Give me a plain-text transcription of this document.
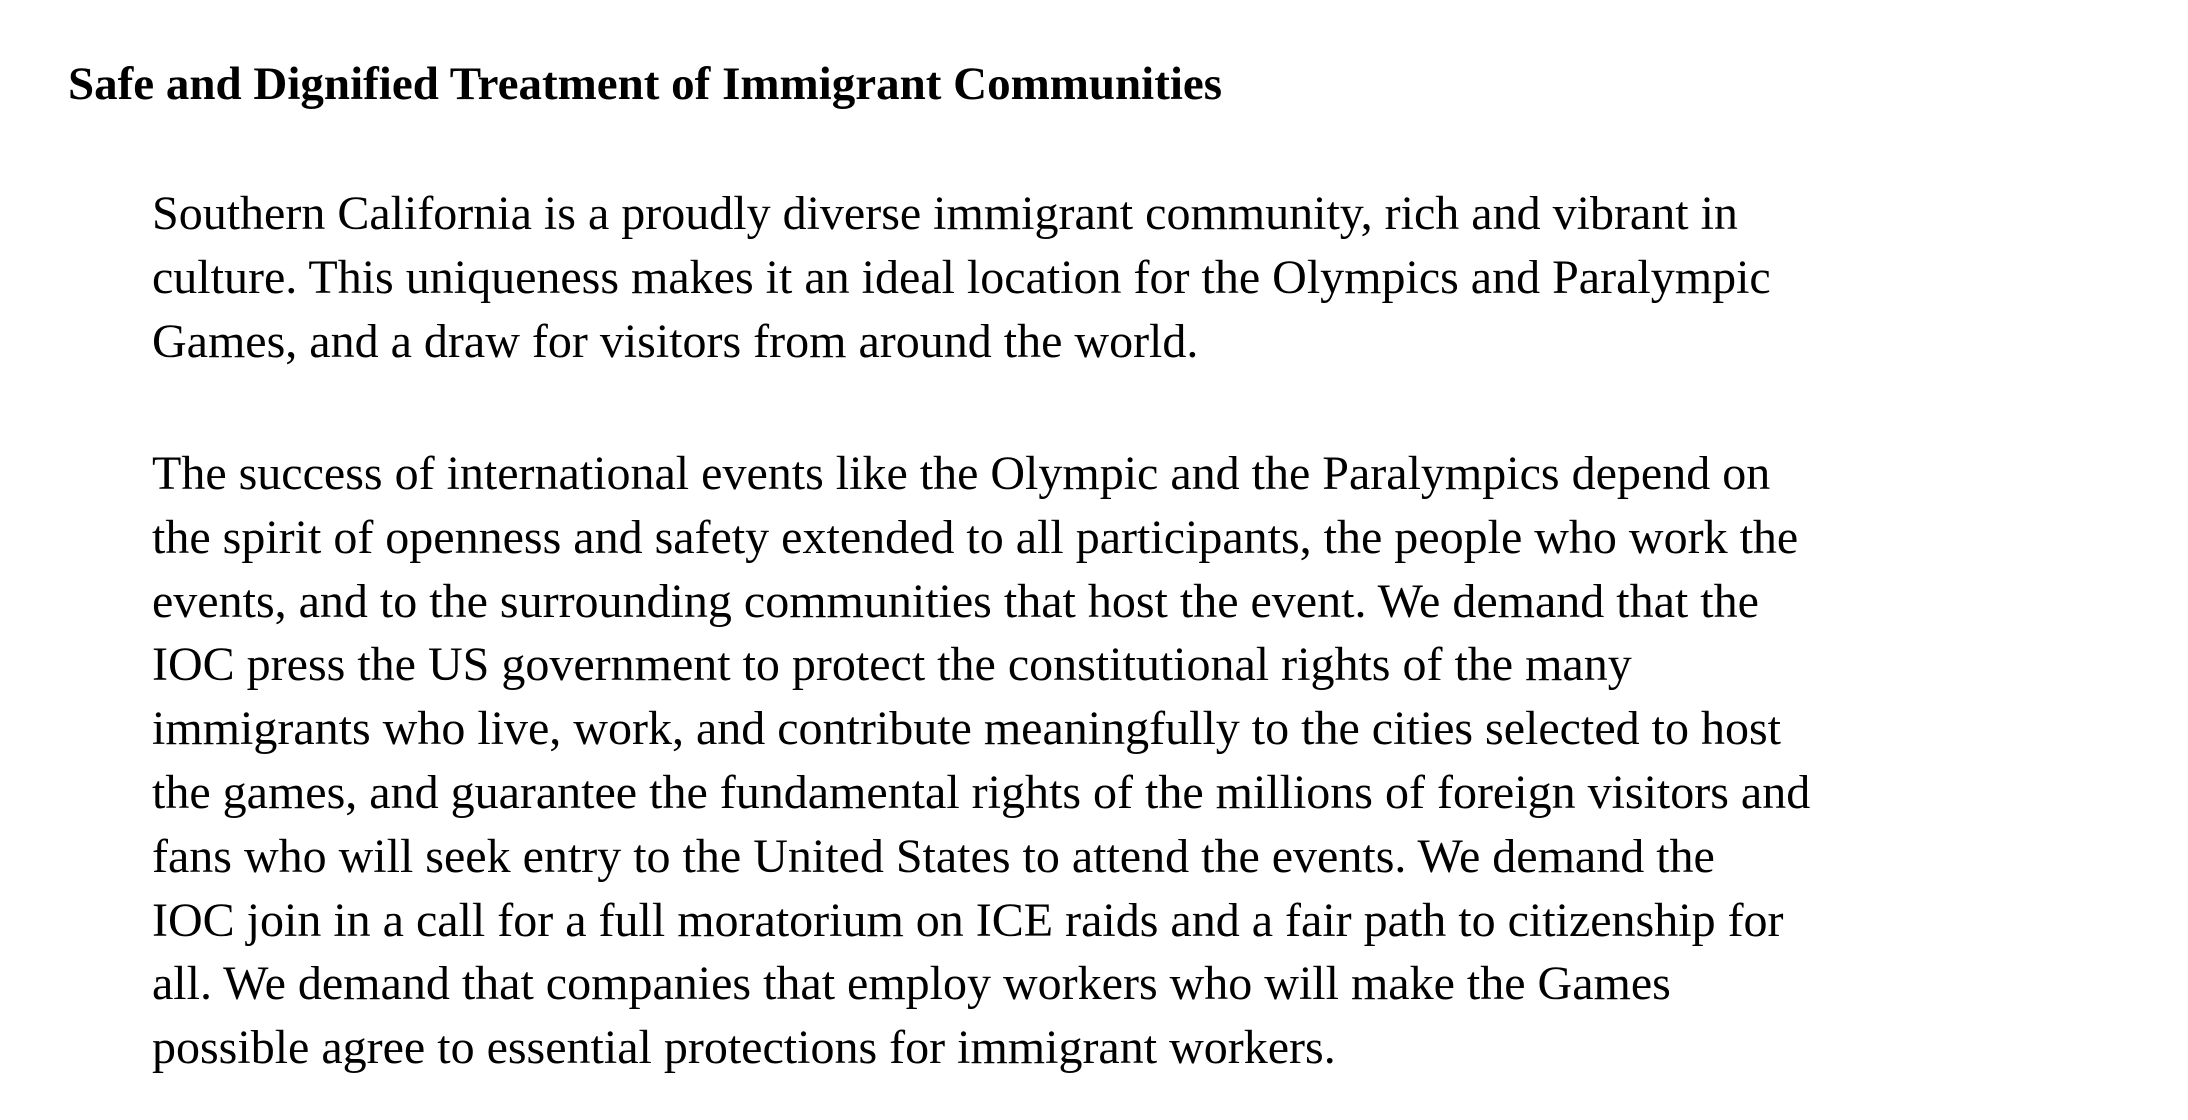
Safe and Dignified Treatment of Immigrant Communities

Southern California is a proudly diverse immigrant community, rich and vibrant in
culture. This uniqueness makes it an ideal location for the Olympics and Paralympic
Games, and a draw for visitors from around the world.

The success of international events like the Olympic and the Paralympics depend on
the spirit of openness and safety extended to all participants, the people who work the
events, and to the surrounding communities that host the event. We demand that the
IOC press the US government to protect the constitutional rights of the many
immigrants who live, work, and contribute meaningfully to the cities selected to host
the games, and guarantee the fundamental rights of the millions of foreign visitors and
fans who will seek entry to the United States to attend the events. We demand the
IOC join in a call for a full moratorium on ICE raids and a fair path to citizenship for
all. We demand that companies that employ workers who will make the Games
possible agree to essential protections for immigrant workers.
